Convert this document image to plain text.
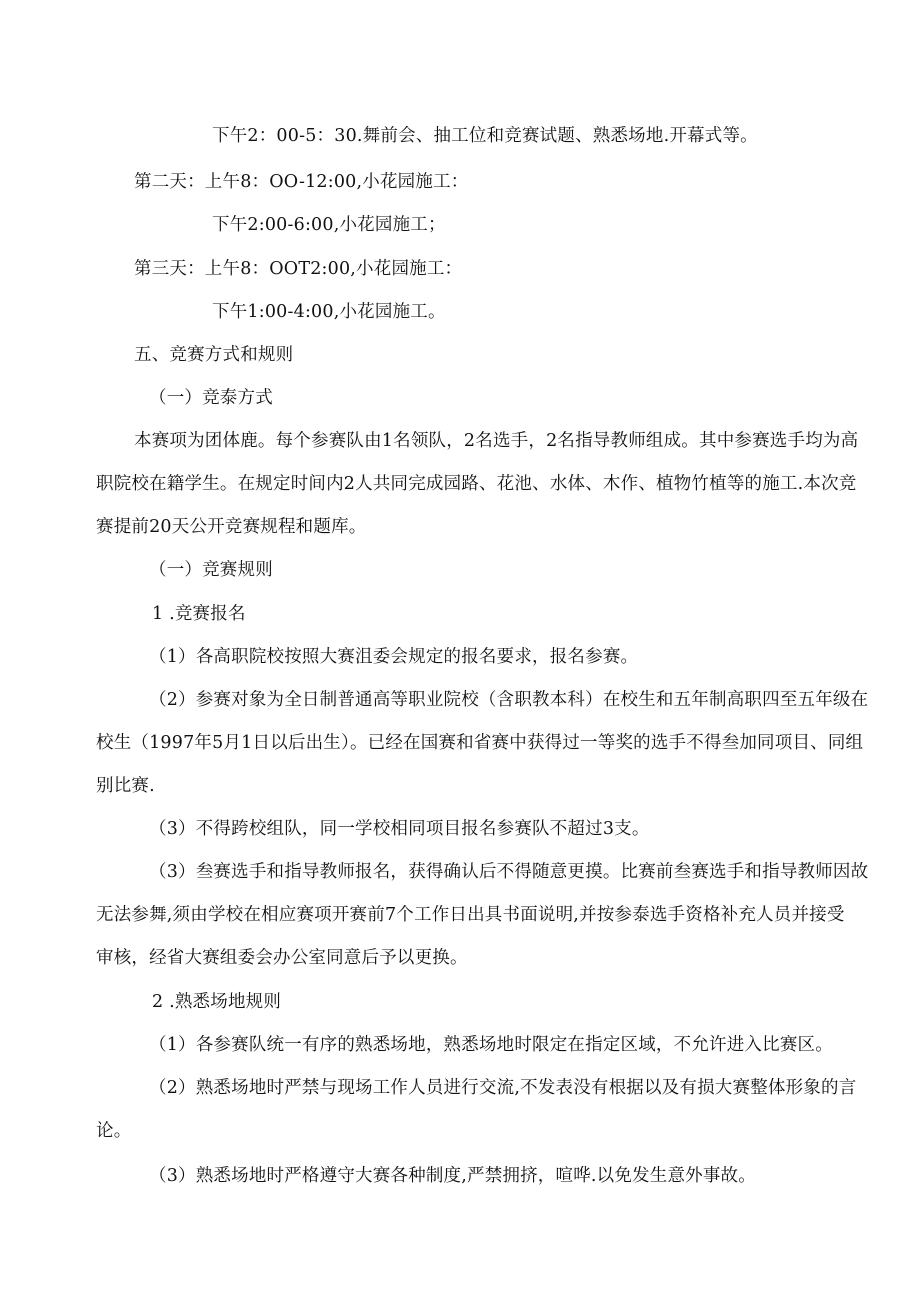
下午2：00-5：30.舞前会、抽工位和竞赛试题、熟悉场地.开幕式等。
第二天：上午8：OO-12:00,小花园施工：
下午2:00-6:00,小花园施工；
第三天：上午8：OOT2:00,小花园施工：
下午1:00-4:00,小花园施工。
五、竞赛方式和规则
（一）竞泰方式
本赛项为团体鹿。每个参赛队由1名领队，2名选手，2名指导教师组成。其中参赛选手均为高
职院校在籍学生。在规定时间内2人共同完成园路、花池、水体、木作、植物竹植等的施工.本次竞
赛提前20天公开竞赛规程和题库。
（一）竞赛规则
1 .竞赛报名
（1）各高职院校按照大赛沮委会规定的报名要求，报名参赛。
（2）参赛对象为全日制普通高等职业院校（含职教本科）在校生和五年制高职四至五年级在
校生（1997年5月1日以后出生）。已经在国赛和省赛中获得过一等奖的选手不得叁加同项目、同组
别比赛.
（3）不得跨校组队，同一学校相同项目报名参赛队不超过3支。
（3）叁赛选手和指导教师报名，获得确认后不得随意更摸。比赛前叁赛选手和指导教师因故
无法参舞,须由学校在相应赛项开赛前7个工作日出具书面说明,并按参泰选手资格补充人员并接受
审核，经省大赛组委会办公室同意后予以更换。
2 .熟悉场地规则
（1）各参赛队统一有序的熟悉场地，熟悉场地时限定在指定区域，不允许进入比赛区。
（2）熟悉场地时严禁与现场工作人员进行交流,不发表没有根据以及有损大赛整体形象的言
论。
（3）熟悉场地时严格遵守大赛各种制度,严禁拥挤，喧哗.以免发生意外事故。
